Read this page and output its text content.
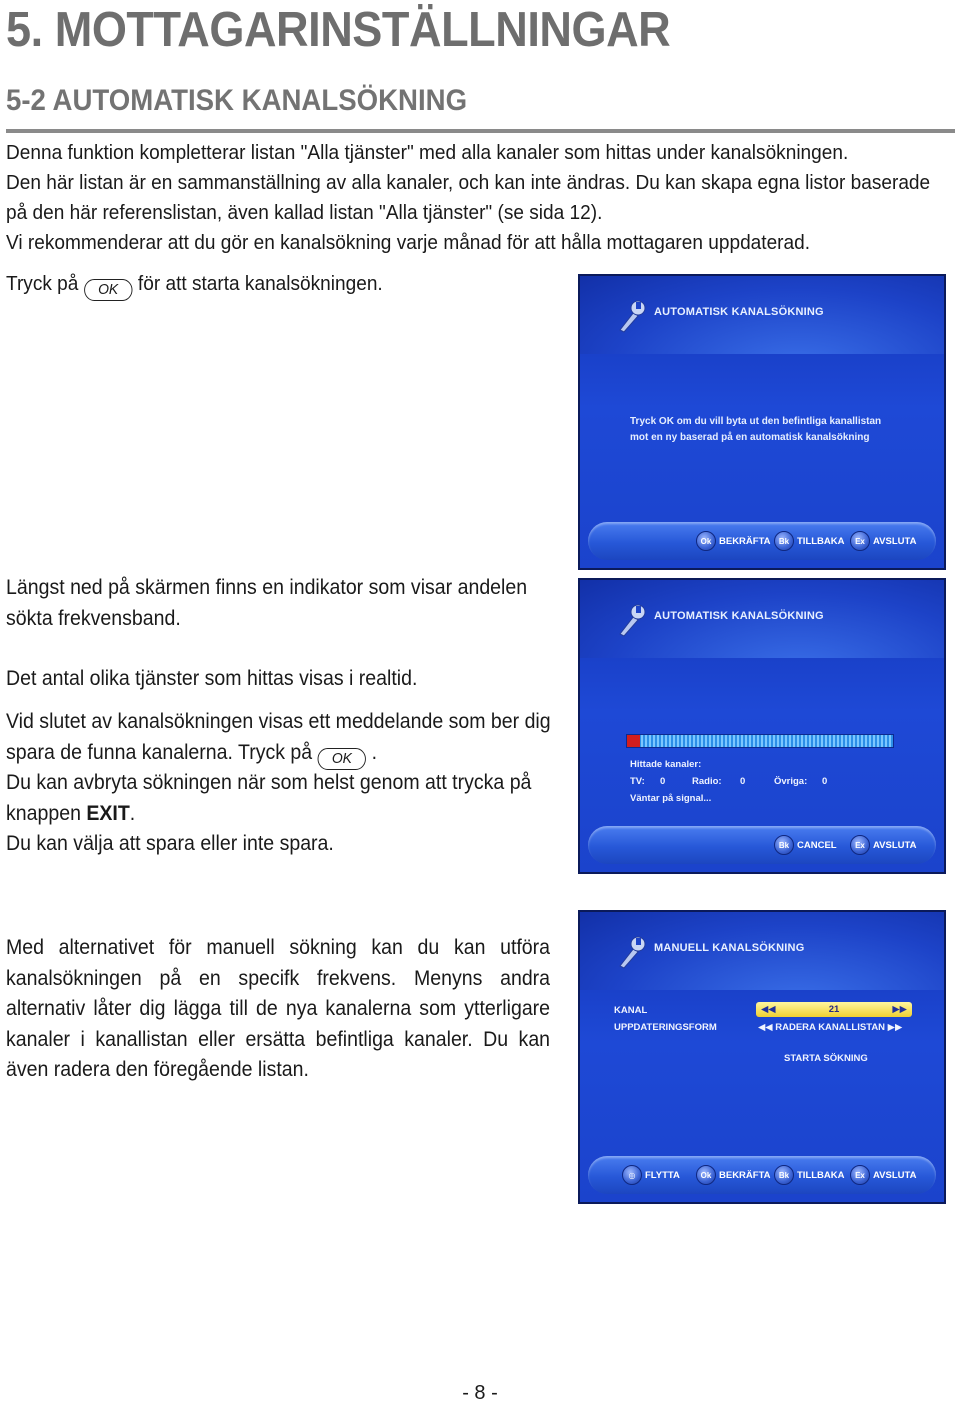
5. MOTTAGARINSTÄLLNINGAR
5-2 AUTOMATISK KANALSÖKNING

Denna funktion kompletterar listan "Alla tjänster" med alla kanaler som hittas under kanalsökningen.

Den här listan är en sammanställning av alla kanaler, och kan inte ändras. Du kan skapa egna listor baserade

på den här referenslistan, även kallad listan "Alla tjänster" (se sida 12).

Vi rekommenderar att du gör en kanalsökning varje månad för att hålla mottagaren uppdaterad.

Tryck på OK för att starta kanalsökningen.

AUTOMATISK KANALSÖKNING
Tryck OK om du vill byta ut den befintliga kanallistan
mot en ny baserad på en automatisk kanalsökning
Ok BEKRÄFTA	Bk TILLBAKA	Ex AVSLUTA

Längst ned på skärmen finns en indikator som visar andelen sökta frekvensband.

Det antal olika tjänster som hittas visas i realtid.

Vid slutet av kanalsökningen visas ett meddelande som ber dig spara de funna kanalerna. Tryck på OK .

Du kan avbryta sökningen när som helst genom att trycka på knappen EXIT.

Du kan välja att spara eller inte spara.

AUTOMATISK KANALSÖKNING
Hittade kanaler:
TV: 0	Radio: 0	Övriga: 0
Väntar på signal...
Bk CANCEL	Ex AVSLUTA

Med alternativet för manuell sökning kan du kan utföra kanalsökningen på en specifk frekvens. Menyns andra alternativ låter dig lägga till de nya kanalerna som ytterligare kanaler i kanallistan eller ersätta befintliga kanaler. Du kan även radera den föregående listan.

MANUELL KANALSÖKNING
KANAL	◀◀	21	▶▶
UPPDATERINGSFORM	◀◀ RADERA KANALLISTAN ▶▶
STARTA SÖKNING
◎	FLYTTA	Ok BEKRÄFTA	Bk TILLBAKA	Ex AVSLUTA
- 8 -
